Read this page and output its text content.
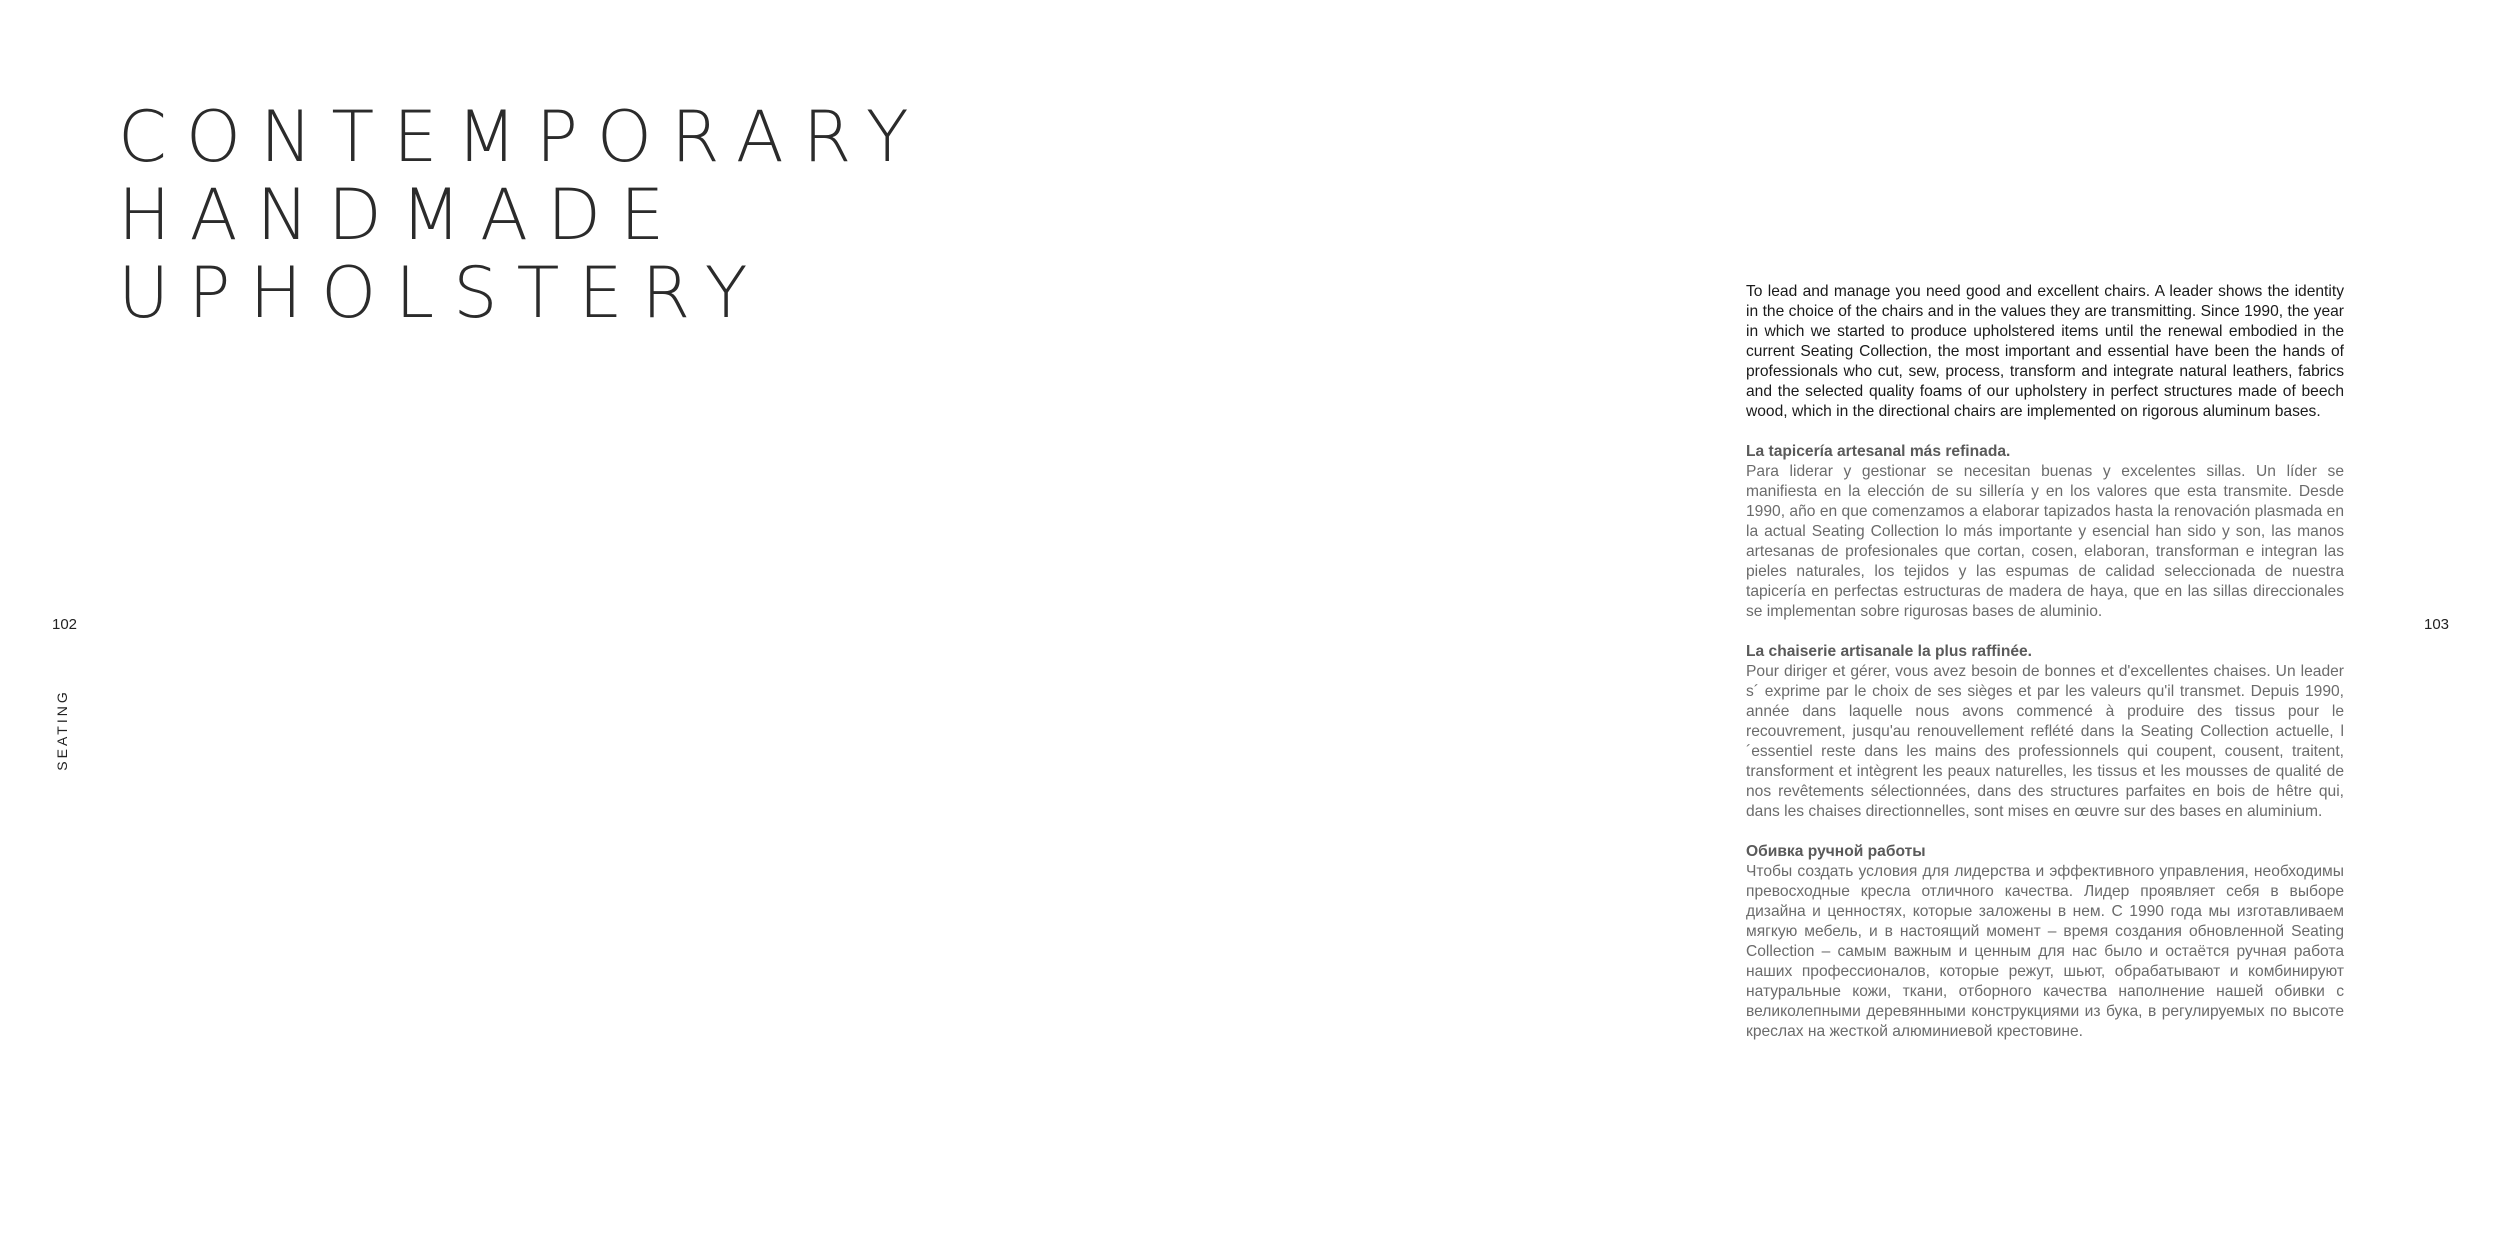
CONTEMPORARY
HANDMADE
UPHOLSTERY
102
SEATING
103

To lead and manage you need good and excellent chairs. A leader shows the identity in the choice of the chairs and in the values they are transmitting. Since 1990, the year in which we started to produce upholstered items until the renewal embodied in the current Seating Collection, the most important and essential have been the hands of professionals who cut, sew, process, transform and integrate natural leathers, fabrics and the selected quality foams of our upholstery in perfect structures made of beech wood, which in the directional chairs are implemented on rigorous aluminum bases.

La tapicería artesanal más refinada.
Para liderar y gestionar se necesitan buenas y excelentes sillas. Un líder se manifiesta en la elección de su sillería y en los valores que esta transmite. Desde 1990, año en que comenzamos a elaborar tapizados hasta la renovación plasmada en la actual Seating Collection lo más importante y esencial han sido y son, las manos artesanas de profesionales que cortan, cosen, elaboran, transforman e integran las pieles naturales, los tejidos y las espumas de calidad seleccionada de nuestra tapicería en perfectas estructuras de madera de haya, que en las sillas direccionales se implementan sobre rigurosas bases de aluminio.
La chaiserie artisanale la plus raffinée.
Pour diriger et gérer, vous avez besoin de bonnes et d'excellentes chaises. Un leader s´ exprime par le choix de ses sièges et par les valeurs qu'il transmet. Depuis 1990, année dans laquelle nous avons commencé à produire des tissus pour le recouvrement, jusqu'au renouvellement reflété dans la Seating Collection actuelle, l´essentiel reste dans les mains des professionnels qui coupent, cousent, traitent, transforment et intègrent les peaux naturelles, les tissus et les mousses de qualité de nos revêtements sélectionnées, dans des structures parfaites en bois de hêtre qui, dans les chaises directionnelles, sont mises en œuvre sur des bases en aluminium.
Обивка ручной работы
Чтобы создать условия для лидерства и эффективного управления, необходимы превосходные кресла отличного качества. Лидер проявляет себя в выборе дизайна и ценностях, которые заложены в нем. С 1990 года мы изготавливаем мягкую мебель, и в настоящий момент – время создания обновленной Seating Collection – самым важным и ценным для нас было и остаётся ручная работа наших профессионалов, которые режут, шьют, обрабатывают и комбинируют натуральные кожи, ткани, отборного качества наполнение нашей обивки с великолепными деревянными конструкциями из бука, в регулируемых по высоте креслах на жесткой алюминиевой крестовине.
